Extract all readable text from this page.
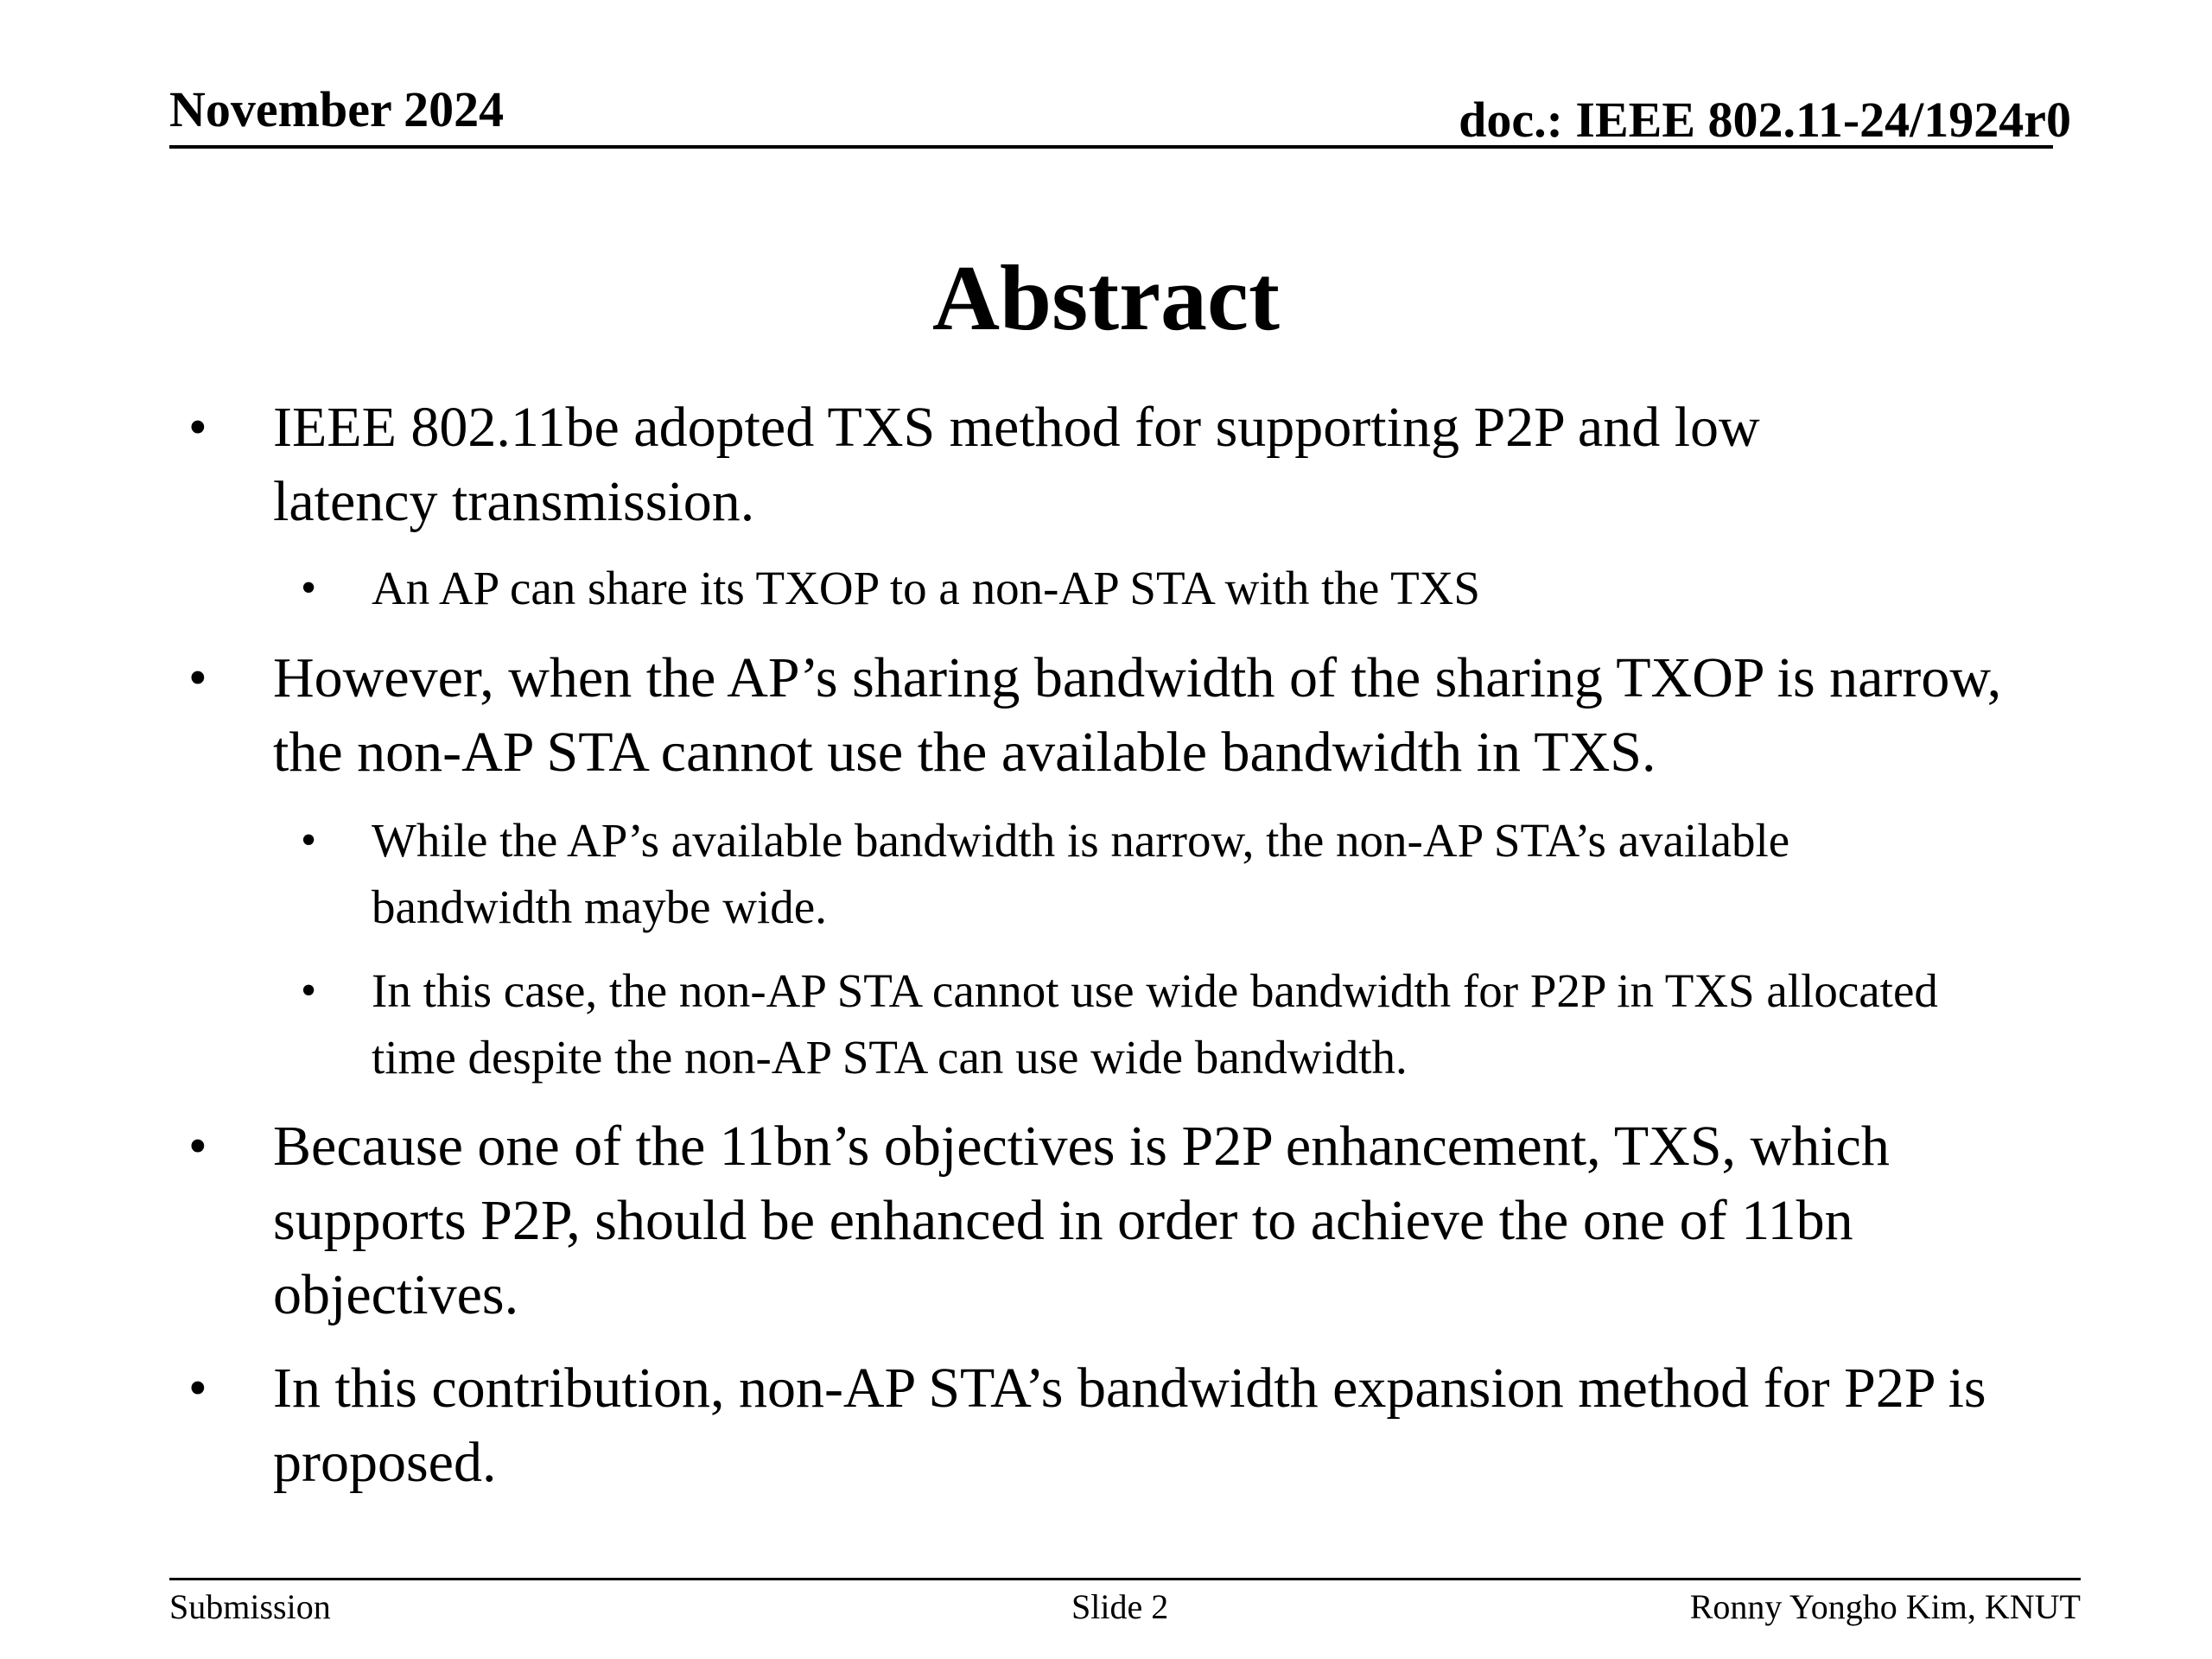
November 2024	doc.: IEEE 802.11-24/1924r0
Abstract
• IEEE 802.11be adopted TXS method for supporting P2P and low latency transmission.
• An AP can share its TXOP to a non-AP STA with the TXS
• However, when the AP’s sharing bandwidth of the sharing TXOP is narrow, the non-AP STA cannot use the available bandwidth in TXS.
• While the AP’s available bandwidth is narrow, the non-AP STA’s available bandwidth maybe wide.
• In this case, the non-AP STA cannot use wide bandwidth for P2P in TXS allocated time despite the non-AP STA can use wide bandwidth.
• Because one of the 11bn’s objectives is P2P enhancement, TXS, which supports P2P, should be enhanced in order to achieve the one of 11bn objectives.
• In this contribution, non-AP STA’s bandwidth expansion method for P2P is proposed.
Submission	Slide 2	Ronny Yongho Kim, KNUT
